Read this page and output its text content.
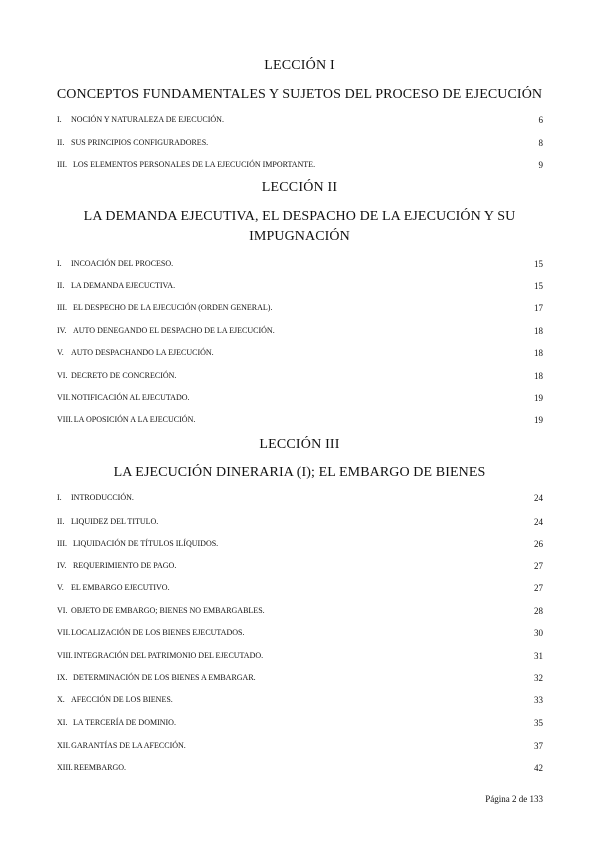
LECCIÓN I
CONCEPTOS FUNDAMENTALES Y SUJETOS DEL PROCESO DE EJECUCIÓN
I. NOCIÓN Y NATURALEZA DE EJECUCIÓN.	6
II. SUS PRINCIPIOS CONFIGURADORES.	8
III. LOS ELEMENTOS PERSONALES DE LA EJECUCIÓN IMPORTANTE.	9
LECCIÓN II
LA DEMANDA EJECUTIVA, EL DESPACHO DE LA EJECUCIÓN Y SU IMPUGNACIÓN
I. INCOACIÓN DEL PROCESO.	15
II. LA DEMANDA EJECUCTIVA.	15
III. EL DESPECHO DE LA EJECUCIÓN (ORDEN GENERAL).	17
IV. AUTO DENEGANDO EL DESPACHO DE LA EJECUCIÓN.	18
V. AUTO DESPACHANDO LA EJECUCIÓN.	18
VI. DECRETO DE CONCRECIÓN.	18
VII.NOTIFICACIÓN AL EJECUTADO.	19
VIII.LA OPOSICIÓN A LA EJECUCIÓN.	19
LECCIÓN III
LA EJECUCIÓN DINERARIA (I); EL EMBARGO DE BIENES
I. INTRODUCCIÓN.	24
II. LIQUIDEZ DEL TITULO.	24
III. LIQUIDACIÓN DE TÍTULOS ILÍQUIDOS.	26
IV. REQUERIMIENTO DE PAGO.	27
V. EL EMBARGO EJECUTIVO.	27
VI. OBJETO DE EMBARGO; BIENES NO EMBARGABLES.	28
VII.LOCALIZACIÓN DE LOS BIENES EJECUTADOS.	30
VIII.INTEGRACIÓN DEL PATRIMONIO DEL EJECUTADO.	31
IX. DETERMINACIÓN DE LOS BIENES A EMBARGAR.	32
X. AFECCIÓN DE LOS BIENES.	33
XI. LA TERCERÍA DE DOMINIO.	35
XII.GARANTÍAS DE LA AFECCIÓN.	37
XIII.REEMBARGO.	42
Página 2 de 133
